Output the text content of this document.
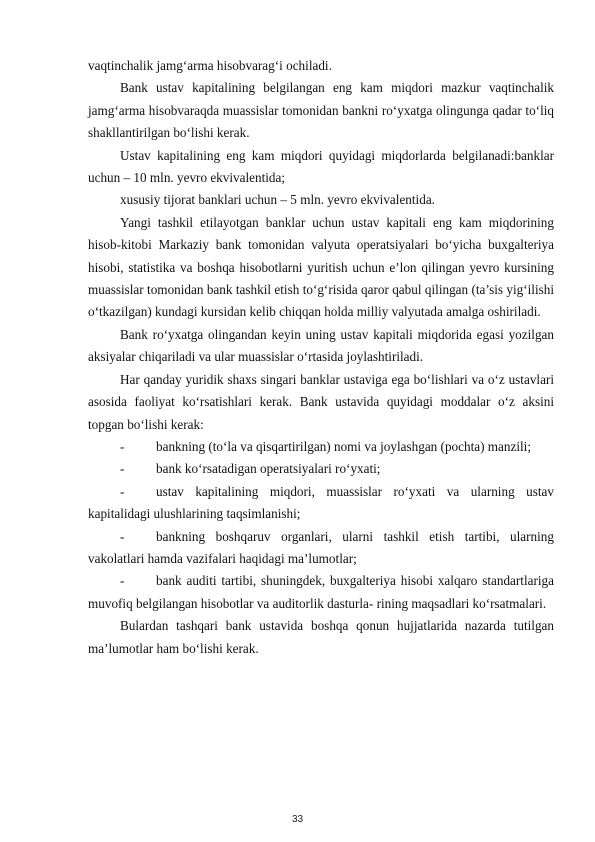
vaqtinchalik jamg‘arma hisobvarag‘i ochiladi.

Bank ustav kapitalining belgilangan eng kam miqdori mazkur vaqtinchalik jamg‘arma hisobvaraqda muassislar tomonidan bankni ro‘yxatga olingunga qadar to‘liq shakllantirilgan bo‘lishi kerak.

Ustav kapitalining eng kam miqdori quyidagi miqdorlarda belgilanadi:banklar uchun – 10 mln. yevro ekvivalentida;

xususiy tijorat banklari uchun – 5 mln. yevro ekvivalentida.

Yangi tashkil etilayotgan banklar uchun ustav kapitali eng kam miqdorining hisob-kitobi Markaziy bank tomonidan valyuta operatsiyalari bo‘yicha buxgalteriya hisobi, statistika va boshqa hisobotlarni yuritish uchun e’lon qilingan yevro kursining muassislar tomonidan bank tashkil etish to‘g‘risida qaror qabul qilingan (ta’sis yig‘ilishi o‘tkazilgan) kundagi kursidan kelib chiqqan holda milliy valyutada amalga oshiriladi.

Bank ro‘yxatga olingandan keyin uning ustav kapitali miqdorida egasi yozilgan aksiyalar chiqariladi va ular muassislar o‘rtasida joylashtiriladi.

Har qanday yuridik shaxs singari banklar ustaviga ega bo‘lishlari va o‘z ustavlari asosida faoliyat ko‘rsatishlari kerak. Bank ustavida quyidagi moddalar o‘z aksini topgan bo‘lishi kerak:

- bankning (to‘la va qisqartirilgan) nomi va joylashgan (pochta) manzili;

- bank ko‘rsatadigan operatsiyalari ro‘yxati;

- ustav kapitalining miqdori, muassislar ro‘yxati va ularning ustav kapitalidagi ulushlarining taqsimlanishi;

- bankning boshqaruv organlari, ularni tashkil etish tartibi, ularning vakolatlari hamda vazifalari haqidagi ma’lumotlar;

- bank auditi tartibi, shuningdek, buxgalteriya hisobi xalqaro standartlariga muvofiq belgilangan hisobotlar va auditorlik dasturla- rining maqsadlari ko‘rsatmalari.

Bulardan tashqari bank ustavida boshqa qonun hujjatlarida nazarda tutilgan ma’lumotlar ham bo‘lishi kerak.

33
